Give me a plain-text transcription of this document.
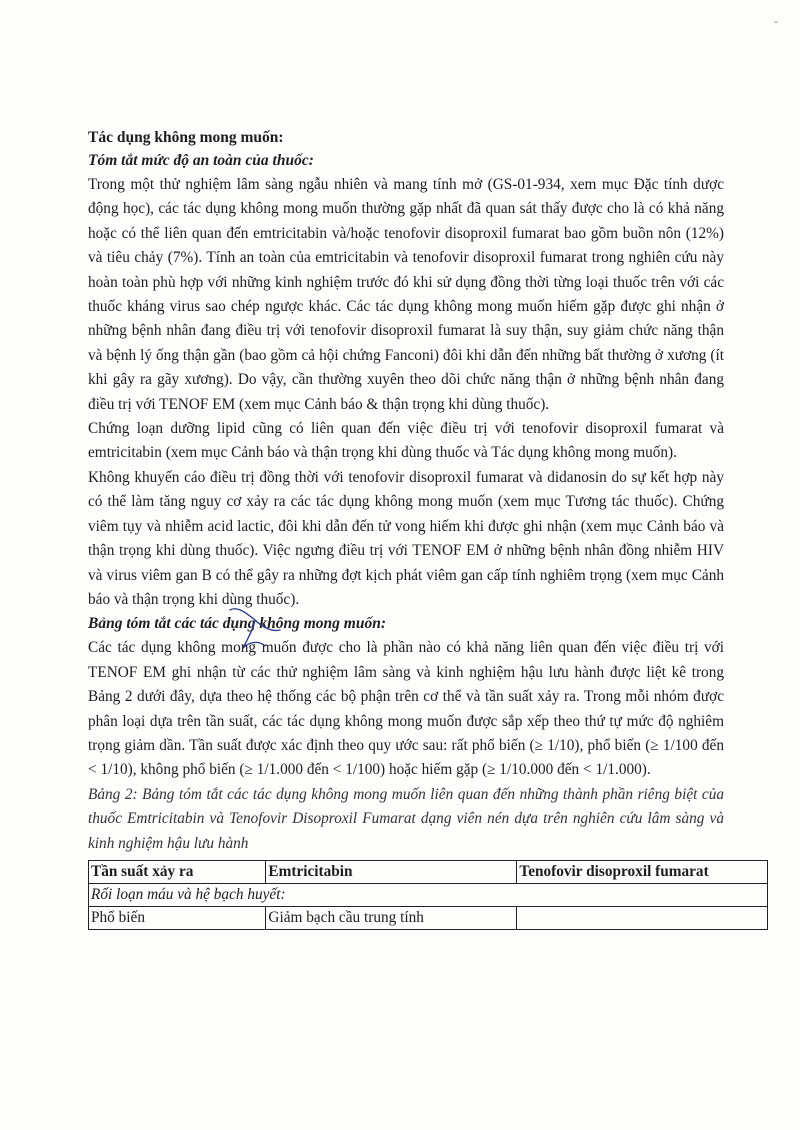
-

Tác dụng không mong muốn:

Tóm tắt mức độ an toàn của thuốc:

Trong một thử nghiệm lâm sàng ngẫu nhiên và mang tính mở (GS-01-934, xem mục Đặc tính dược động học), các tác dụng không mong muốn thường gặp nhất đã quan sát thấy được cho là có khả năng hoặc có thể liên quan đến emtricitabin và/hoặc tenofovir disoproxil fumarat bao gồm buồn nôn (12%) và tiêu chảy (7%). Tính an toàn của emtricitabin và tenofovir disoproxil fumarat trong nghiên cứu này hoàn toàn phù hợp với những kinh nghiệm trước đó khi sử dụng đồng thời từng loại thuốc trên với các thuốc kháng virus sao chép ngược khác. Các tác dụng không mong muốn hiếm gặp được ghi nhận ở những bệnh nhân đang điều trị với tenofovir disoproxil fumarat là suy thận, suy giảm chức năng thận và bệnh lý ống thận gần (bao gồm cả hội chứng Fanconi) đôi khi dẫn đến những bất thường ở xương (ít khi gây ra gãy xương). Do vậy, cần thường xuyên theo dõi chức năng thận ở những bệnh nhân đang điều trị với TENOF EM (xem mục Cảnh báo & thận trọng khi dùng thuốc).

Chứng loạn dưỡng lipid cũng có liên quan đến việc điều trị với tenofovir disoproxil fumarat và emtricitabin (xem mục Cảnh báo và thận trọng khi dùng thuốc và Tác dụng không mong muốn).

Không khuyến cáo điều trị đồng thời với tenofovir disoproxil fumarat và didanosin do sự kết hợp này có thể làm tăng nguy cơ xảy ra các tác dụng không mong muốn (xem mục Tương tác thuốc). Chứng viêm tụy và nhiễm acid lactic, đôi khi dẫn đến tử vong hiếm khi được ghi nhận (xem mục Cảnh báo và thận trọng khi dùng thuốc). Việc ngưng điều trị với TENOF EM ở những bệnh nhân đồng nhiễm HIV và virus viêm gan B có thể gây ra những đợt kịch phát viêm gan cấp tính nghiêm trọng (xem mục Cảnh báo và thận trọng khi dùng thuốc).

Bảng tóm tắt các tác dụng không mong muốn:

Các tác dụng không mong muốn được cho là phần nào có khả năng liên quan đến việc điều trị với TENOF EM ghi nhận từ các thử nghiệm lâm sàng và kinh nghiệm hậu lưu hành được liệt kê trong Bảng 2 dưới đây, dựa theo hệ thống các bộ phận trên cơ thể và tần suất xảy ra. Trong mỗi nhóm được phân loại dựa trên tần suất, các tác dụng không mong muốn được sắp xếp theo thứ tự mức độ nghiêm trọng giảm dần. Tần suất được xác định theo quy ước sau: rất phổ biến (≥ 1/10), phổ biến (≥ 1/100 đến < 1/10), không phổ biến (≥ 1/1.000 đến < 1/100) hoặc hiếm gặp (≥ 1/10.000 đến < 1/1.000).

Bảng 2: Bảng tóm tắt các tác dụng không mong muốn liên quan đến những thành phần riêng biệt của thuốc Emtricitabin và Tenofovir Disoproxil Fumarat dạng viên nén dựa trên nghiên cứu lâm sàng và kinh nghiệm hậu lưu hành

Tần suất xảy ra	Emtricitabin	Tenofovir disoproxil fumarat
Rối loạn máu và hệ bạch huyết:		
Phổ biến	Giảm bạch cầu trung tính	
